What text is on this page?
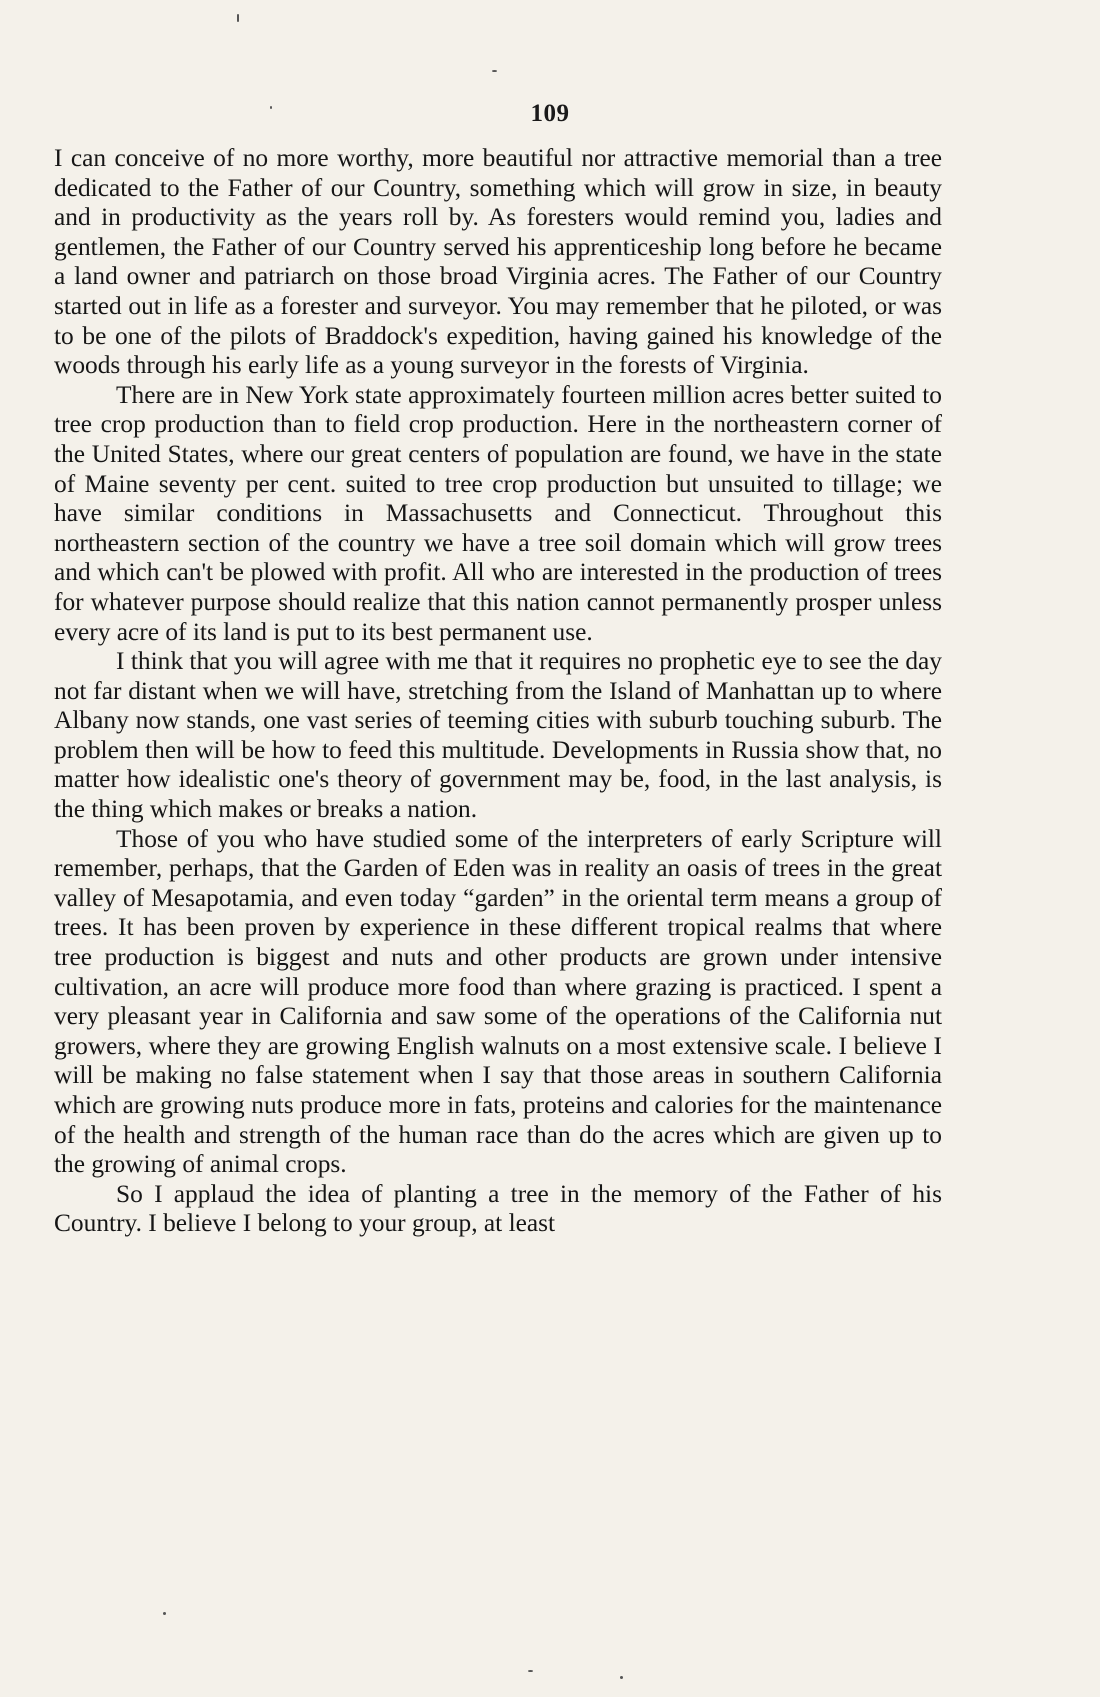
109

I can conceive of no more worthy, more beautiful nor attractive memorial than a tree dedicated to the Father of our Country, something which will grow in size, in beauty and in productivity as the years roll by. As foresters would remind you, ladies and gentlemen, the Father of our Country served his apprenticeship long before he became a land owner and patriarch on those broad Virginia acres. The Father of our Country started out in life as a forester and surveyor. You may remember that he piloted, or was to be one of the pilots of Braddock's expedition, having gained his knowledge of the woods through his early life as a young surveyor in the forests of Virginia.

There are in New York state approximately fourteen million acres better suited to tree crop production than to field crop production. Here in the northeastern corner of the United States, where our great centers of population are found, we have in the state of Maine seventy per cent. suited to tree crop production but unsuited to tillage; we have similar conditions in Massachusetts and Connecticut. Throughout this northeastern section of the country we have a tree soil domain which will grow trees and which can't be plowed with profit. All who are interested in the production of trees for whatever purpose should realize that this nation cannot permanently prosper unless every acre of its land is put to its best permanent use.

I think that you will agree with me that it requires no prophetic eye to see the day not far distant when we will have, stretching from the Island of Manhattan up to where Albany now stands, one vast series of teeming cities with suburb touching suburb. The problem then will be how to feed this multitude. Developments in Russia show that, no matter how idealistic one's theory of government may be, food, in the last analysis, is the thing which makes or breaks a nation.

Those of you who have studied some of the interpreters of early Scripture will remember, perhaps, that the Garden of Eden was in reality an oasis of trees in the great valley of Mesapotamia, and even today “garden” in the oriental term means a group of trees. It has been proven by experience in these different tropical realms that where tree production is biggest and nuts and other products are grown under intensive cultivation, an acre will produce more food than where grazing is practiced. I spent a very pleasant year in California and saw some of the operations of the California nut growers, where they are growing English walnuts on a most extensive scale. I believe I will be making no false statement when I say that those areas in southern California which are growing nuts produce more in fats, proteins and calories for the maintenance of the health and strength of the human race than do the acres which are given up to the growing of animal crops.

So I applaud the idea of planting a tree in the memory of the Father of his Country. I believe I belong to your group, at least
